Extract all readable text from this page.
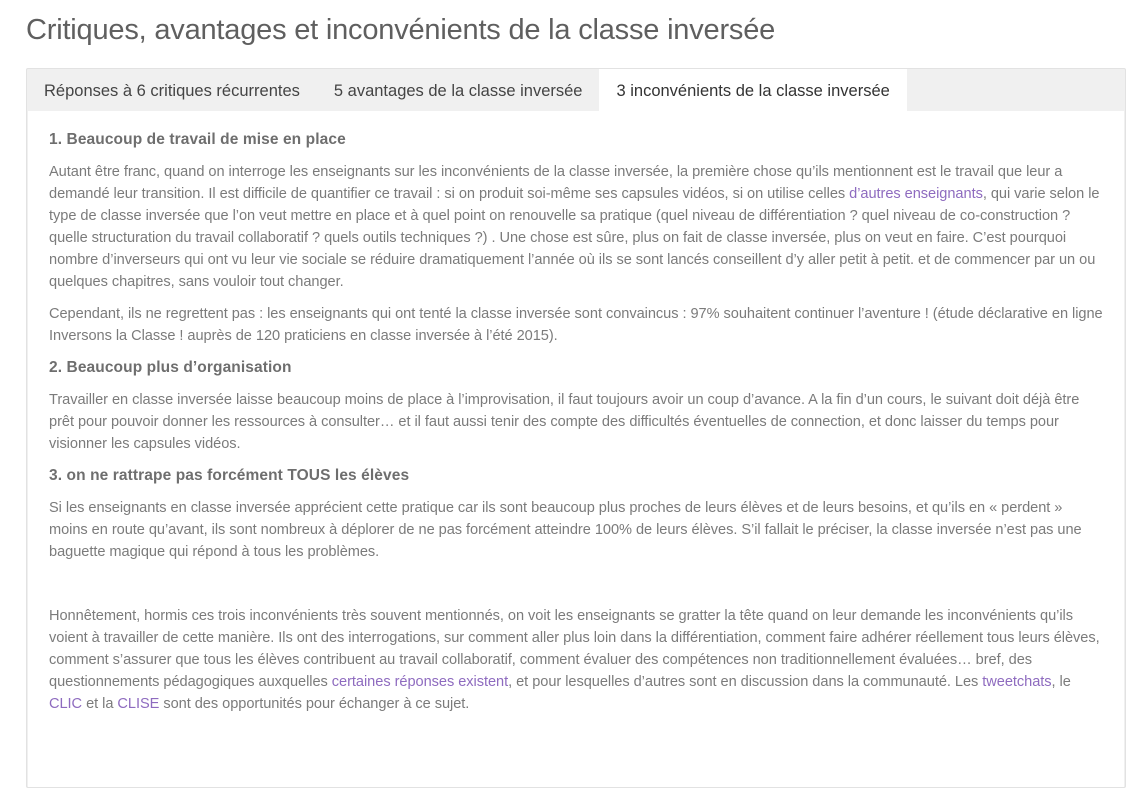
Critiques, avantages et inconvénients de la classe inversée
Réponses à 6 critiques récurrentes	5 avantages de la classe inversée	3 inconvénients de la classe inversée
1. Beaucoup de travail de mise en place

Autant être franc, quand on interroge les enseignants sur les inconvénients de la classe inversée, la première chose qu’ils mentionnent est le travail que leur a demandé leur transition. Il est difficile de quantifier ce travail : si on produit soi-même ses capsules vidéos, si on utilise celles d’autres enseignants, qui varie selon le type de classe inversée que l’on veut mettre en place et à quel point on renouvelle sa pratique (quel niveau de différentiation ? quel niveau de co-construction ? quelle structuration du travail collaboratif ? quels outils techniques ?) . Une chose est sûre, plus on fait de classe inversée, plus on veut en faire. C’est pourquoi nombre d’inverseurs qui ont vu leur vie sociale se réduire dramatiquement l’année où ils se sont lancés conseillent d’y aller petit à petit. et de commencer par un ou quelques chapitres, sans vouloir tout changer.

Cependant, ils ne regrettent pas : les enseignants qui ont tenté la classe inversée sont convaincus : 97% souhaitent continuer l’aventure ! (étude déclarative en ligne Inversons la Classe ! auprès de 120 praticiens en classe inversée à l’été 2015).

2. Beaucoup plus d’organisation

Travailler en classe inversée laisse beaucoup moins de place à l’improvisation, il faut toujours avoir un coup d’avance. A la fin d’un cours, le suivant doit déjà être prêt pour pouvoir donner les ressources à consulter… et il faut aussi tenir des compte des difficultés éventuelles de connection, et donc laisser du temps pour visionner les capsules vidéos.

3. on ne rattrape pas forcément TOUS les élèves

Si les enseignants en classe inversée apprécient cette pratique car ils sont beaucoup plus proches de leurs élèves et de leurs besoins, et qu’ils en « perdent » moins en route qu’avant, ils sont nombreux à déplorer de ne pas forcément atteindre 100% de leurs élèves. S’il fallait le préciser, la classe inversée n’est pas une baguette magique qui répond à tous les problèmes.

Honnêtement, hormis ces trois inconvénients très souvent mentionnés, on voit les enseignants se gratter la tête quand on leur demande les inconvénients qu’ils voient à travailler de cette manière. Ils ont des interrogations, sur comment aller plus loin dans la différentiation, comment faire adhérer réellement tous leurs élèves, comment s’assurer que tous les élèves contribuent au travail collaboratif, comment évaluer des compétences non traditionnellement évaluées… bref, des questionnements pédagogiques auxquelles certaines réponses existent, et pour lesquelles d’autres sont en discussion dans la communauté. Les tweetchats, le CLIC et la CLISE sont des opportunités pour échanger à ce sujet.
